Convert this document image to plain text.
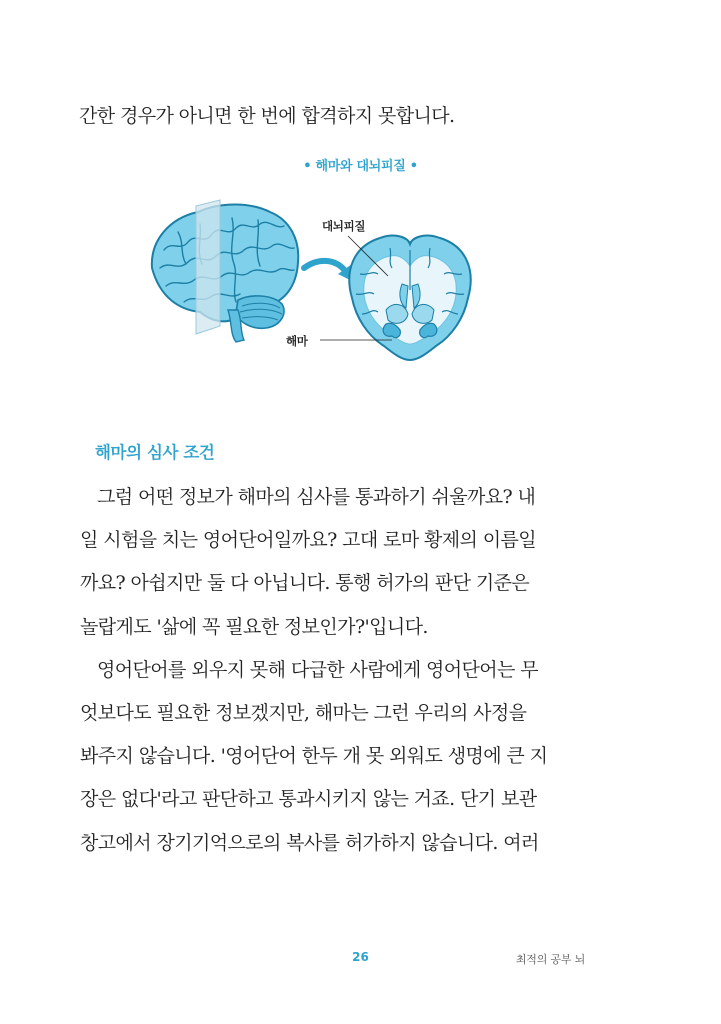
간한 경우가 아니면 한 번에 합격하지 못합니다.
• 해마와 대뇌피질 •
대뇌피질
해마
해마의 심사 조건
그럼 어떤 정보가 해마의 심사를 통과하기 쉬울까요? 내
일 시험을 치는 영어단어일까요? 고대 로마 황제의 이름일
까요? 아쉽지만 둘 다 아닙니다. 통행 허가의 판단 기준은
놀랍게도 '삶에 꼭 필요한 정보인가?'입니다.
영어단어를 외우지 못해 다급한 사람에게 영어단어는 무
엇보다도 필요한 정보겠지만, 해마는 그런 우리의 사정을
봐주지 않습니다. '영어단어 한두 개 못 외워도 생명에 큰 지
장은 없다'라고 판단하고 통과시키지 않는 거죠. 단기 보관
창고에서 장기기억으로의 복사를 허가하지 않습니다. 여러
26	최적의 공부 뇌
